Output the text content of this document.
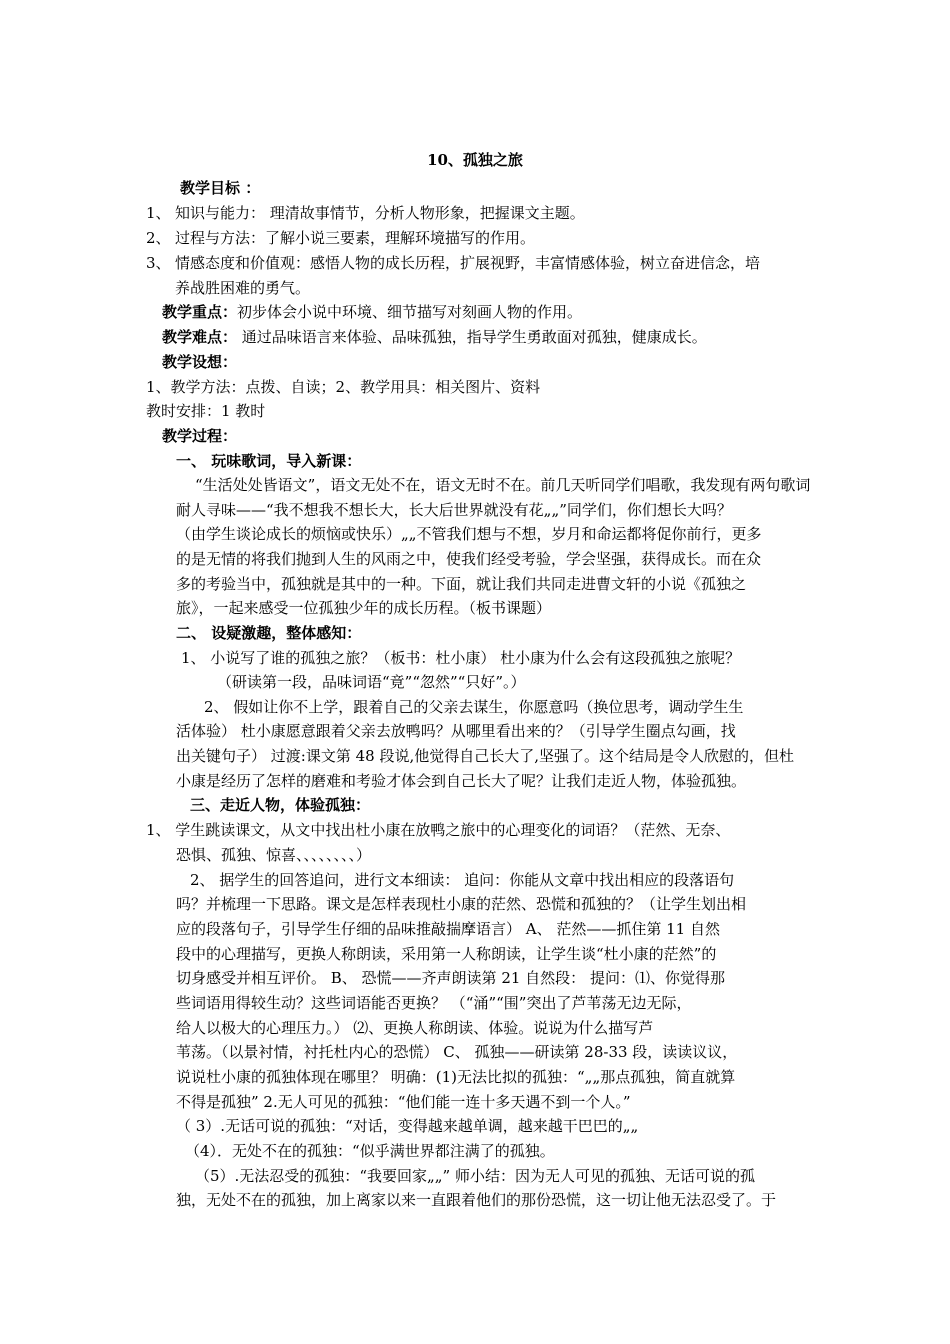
10、孤独之旅
教学目标 ：
1、 知识与能力： 理清故事情节，分析人物形象，把握课文主题。
2、 过程与方法：了解小说三要素，理解环境描写的作用。
3、 情感态度和价值观：感悟人物的成长历程，扩展视野，丰富情感体验，树立奋进信念，培
养战胜困难的勇气。
教学重点：初步体会小说中环境、细节描写对刻画人物的作用。
教学难点： 通过品味语言来体验、品味孤独，指导学生勇敢面对孤独，健康成长。
教学设想：
1、教学方法：点拨、自读；2、教学用具：相关图片、资料
教时安排：1 教时
教学过程：
一、 玩味歌词，导入新课：
“生活处处皆语文”，语文无处不在，语文无时不在。前几天听同学们唱歌，我发现有两句歌词
耐人寻味——“我不想我不想长大，长大后世界就没有花„„”同学们，你们想长大吗？
（由学生谈论成长的烦恼或快乐）„„不管我们想与不想，岁月和命运都将促你前行，更多
的是无情的将我们抛到人生的风雨之中，使我们经受考验，学会坚强，获得成长。而在众
多的考验当中，孤独就是其中的一种。下面，就让我们共同走进曹文轩的小说《孤独之
旅》，一起来感受一位孤独少年的成长历程。（板书课题）
二、 设疑激趣，整体感知：
1、 小说写了谁的孤独之旅？（板书：杜小康） 杜小康为什么会有这段孤独之旅呢？
（研读第一段，品味词语“竟”“忽然”“只好”。）
2、 假如让你不上学，跟着自己的父亲去谋生，你愿意吗（换位思考，调动学生生
活体验） 杜小康愿意跟着父亲去放鸭吗？从哪里看出来的？（引导学生圈点勾画，找
出关键句子） 过渡:课文第 48 段说,他觉得自己长大了,坚强了。这个结局是令人欣慰的，但杜
小康是经历了怎样的磨难和考验才体会到自己长大了呢？让我们走近人物，体验孤独。
三、走近人物，体验孤独：
1、 学生跳读课文，从文中找出杜小康在放鸭之旅中的心理变化的词语？（茫然、无奈、
恐惧、孤独、惊喜、、、、、、、、）
2、 据学生的回答追问，进行文本细读： 追问：你能从文章中找出相应的段落语句
吗？并梳理一下思路。课文是怎样表现杜小康的茫然、恐慌和孤独的？（让学生划出相
应的段落句子，引导学生仔细的品味推敲揣摩语言） A、 茫然——抓住第 11 自然
段中的心理描写，更换人称朗读，采用第一人称朗读，让学生谈“杜小康的茫然”的
切身感受并相互评价。 B、 恐慌——齐声朗读第 21 自然段： 提问：⑴、你觉得那
些词语用得较生动？这些词语能否更换？ （“涌”“围”突出了芦苇荡无边无际，
给人以极大的心理压力。） ⑵、更换人称朗读、体验。说说为什么描写芦
苇荡。（以景衬情，衬托杜内心的恐慌） C、 孤独——研读第 28-33 段，读读议议，
说说杜小康的孤独体现在哪里？ 明确：(1)无法比拟的孤独：“„„那点孤独，简直就算
不得是孤独” 2.无人可见的孤独：“他们能一连十多天遇不到一个人。”
（ 3）.无话可说的孤独：“对话，变得越来越单调，越来越干巴巴的„„
（4）．无处不在的孤独：“似乎满世界都注满了的孤独。
（5）.无法忍受的孤独：“我要回家„„” 师小结：因为无人可见的孤独、无话可说的孤
独，无处不在的孤独，加上离家以来一直跟着他们的那份恐慌，这一切让他无法忍受了。于
